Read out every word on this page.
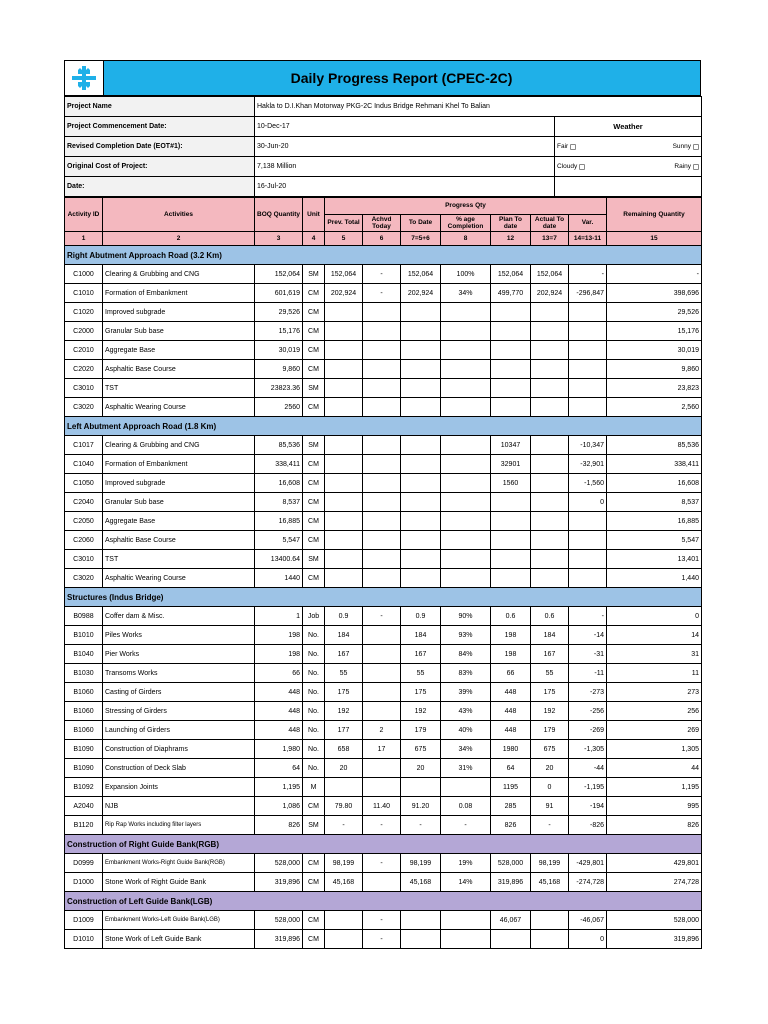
Daily Progress Report (CPEC-2C)
Project Name	Hakla to D.I.Khan Motorway PKG-2C Indus Bridge Rehmani Khel To Balian	
Project Commencement Date:	10-Dec-17	Weather
Revised Completion Date (EOT#1):	30-Jun-20	Fair Sunny

Original Cost of Project:	7,138 Million	Cloudy Rainy

Date:	16-Jul-20	
Activity ID	Activities	BOQ Quantity	Unit	Progress Qty							Remaining Quantity
				Prev. Total	Achvd Today	To Date	% age Completion	Plan To date	Actual To date	Var.	
1	2	3	4	5	6	7=5+6	8	12	13=7	14=13-11	15
Right Abutment Approach Road (3.2 Km)											
C1000	Clearing & Grubbing and CNG	152,064	SM	152,064	-	152,064	100%	152,064	152,064	-	-
C1010	Formation of Embankment	601,619	CM	202,924	-	202,924	34%	499,770	202,924	-296,847	398,696
C1020	Improved subgrade	29,526	CM								29,526
C2000	Granular Sub base	15,176	CM								15,176
C2010	Aggregate Base	30,019	CM								30,019
C2020	Asphaltic Base Course	9,860	CM								9,860
C3010	TST	23823.36	SM								23,823
C3020	Asphaltic Wearing Course	2560	CM								2,560
Left Abutment Approach Road (1.8 Km)											
C1017	Clearing & Grubbing and CNG	85,536	SM					10347		-10,347	85,536
C1040	Formation of Embankment	338,411	CM					32901		-32,901	338,411
C1050	Improved subgrade	16,608	CM					1560		-1,560	16,608
C2040	Granular Sub base	8,537	CM							0	8,537
C2050	Aggregate Base	16,885	CM								16,885
C2060	Asphaltic Base Course	5,547	CM								5,547
C3010	TST	13400.64	SM								13,401
C3020	Asphaltic Wearing Course	1440	CM								1,440
Structures (Indus Bridge)											
B0988	Coffer dam & Misc.	1	Job	0.9	-	0.9	90%	0.6	0.6	-	0
B1010	Piles Works	198	No.	184		184	93%	198	184	-14	14
B1040	Pier Works	198	No.	167		167	84%	198	167	-31	31
B1030	Transoms Works	66	No.	55		55	83%	66	55	-11	11
B1060	Casting of Girders	448	No.	175		175	39%	448	175	-273	273
B1060	Stressing of Girders	448	No.	192		192	43%	448	192	-256	256
B1060	Launching of Girders	448	No.	177	2	179	40%	448	179	-269	269
B1090	Construction of Diaphrams	1,980	No.	658	17	675	34%	1980	675	-1,305	1,305
B1090	Construction of Deck Slab	64	No.	20		20	31%	64	20	-44	44
B1092	Expansion Joints	1,195	M					1195	0	-1,195	1,195
A2040	NJB	1,086	CM	79.80	11.40	91.20	0.08	285	91	-194	995
B1120	Rip Rap Works including filter layers	826	SM	-	-	-	-	826	-	-826	826
Construction of Right Guide Bank(RGB)											
D0999	Embankment Works-Right Guide Bank(RGB)	528,000	CM	98,199	-	98,199	19%	528,000	98,199	-429,801	429,801
D1000	Stone Work of Right Guide Bank	319,896	CM	45,168		45,168	14%	319,896	45,168	-274,728	274,728
Construction of Left Guide Bank(LGB)											
D1009	Embankment Works-Left Guide Bank(LGB)	528,000	CM		-			46,067		-46,067	528,000
D1010	Stone Work of Left Guide Bank	319,896	CM		-					0	319,896
